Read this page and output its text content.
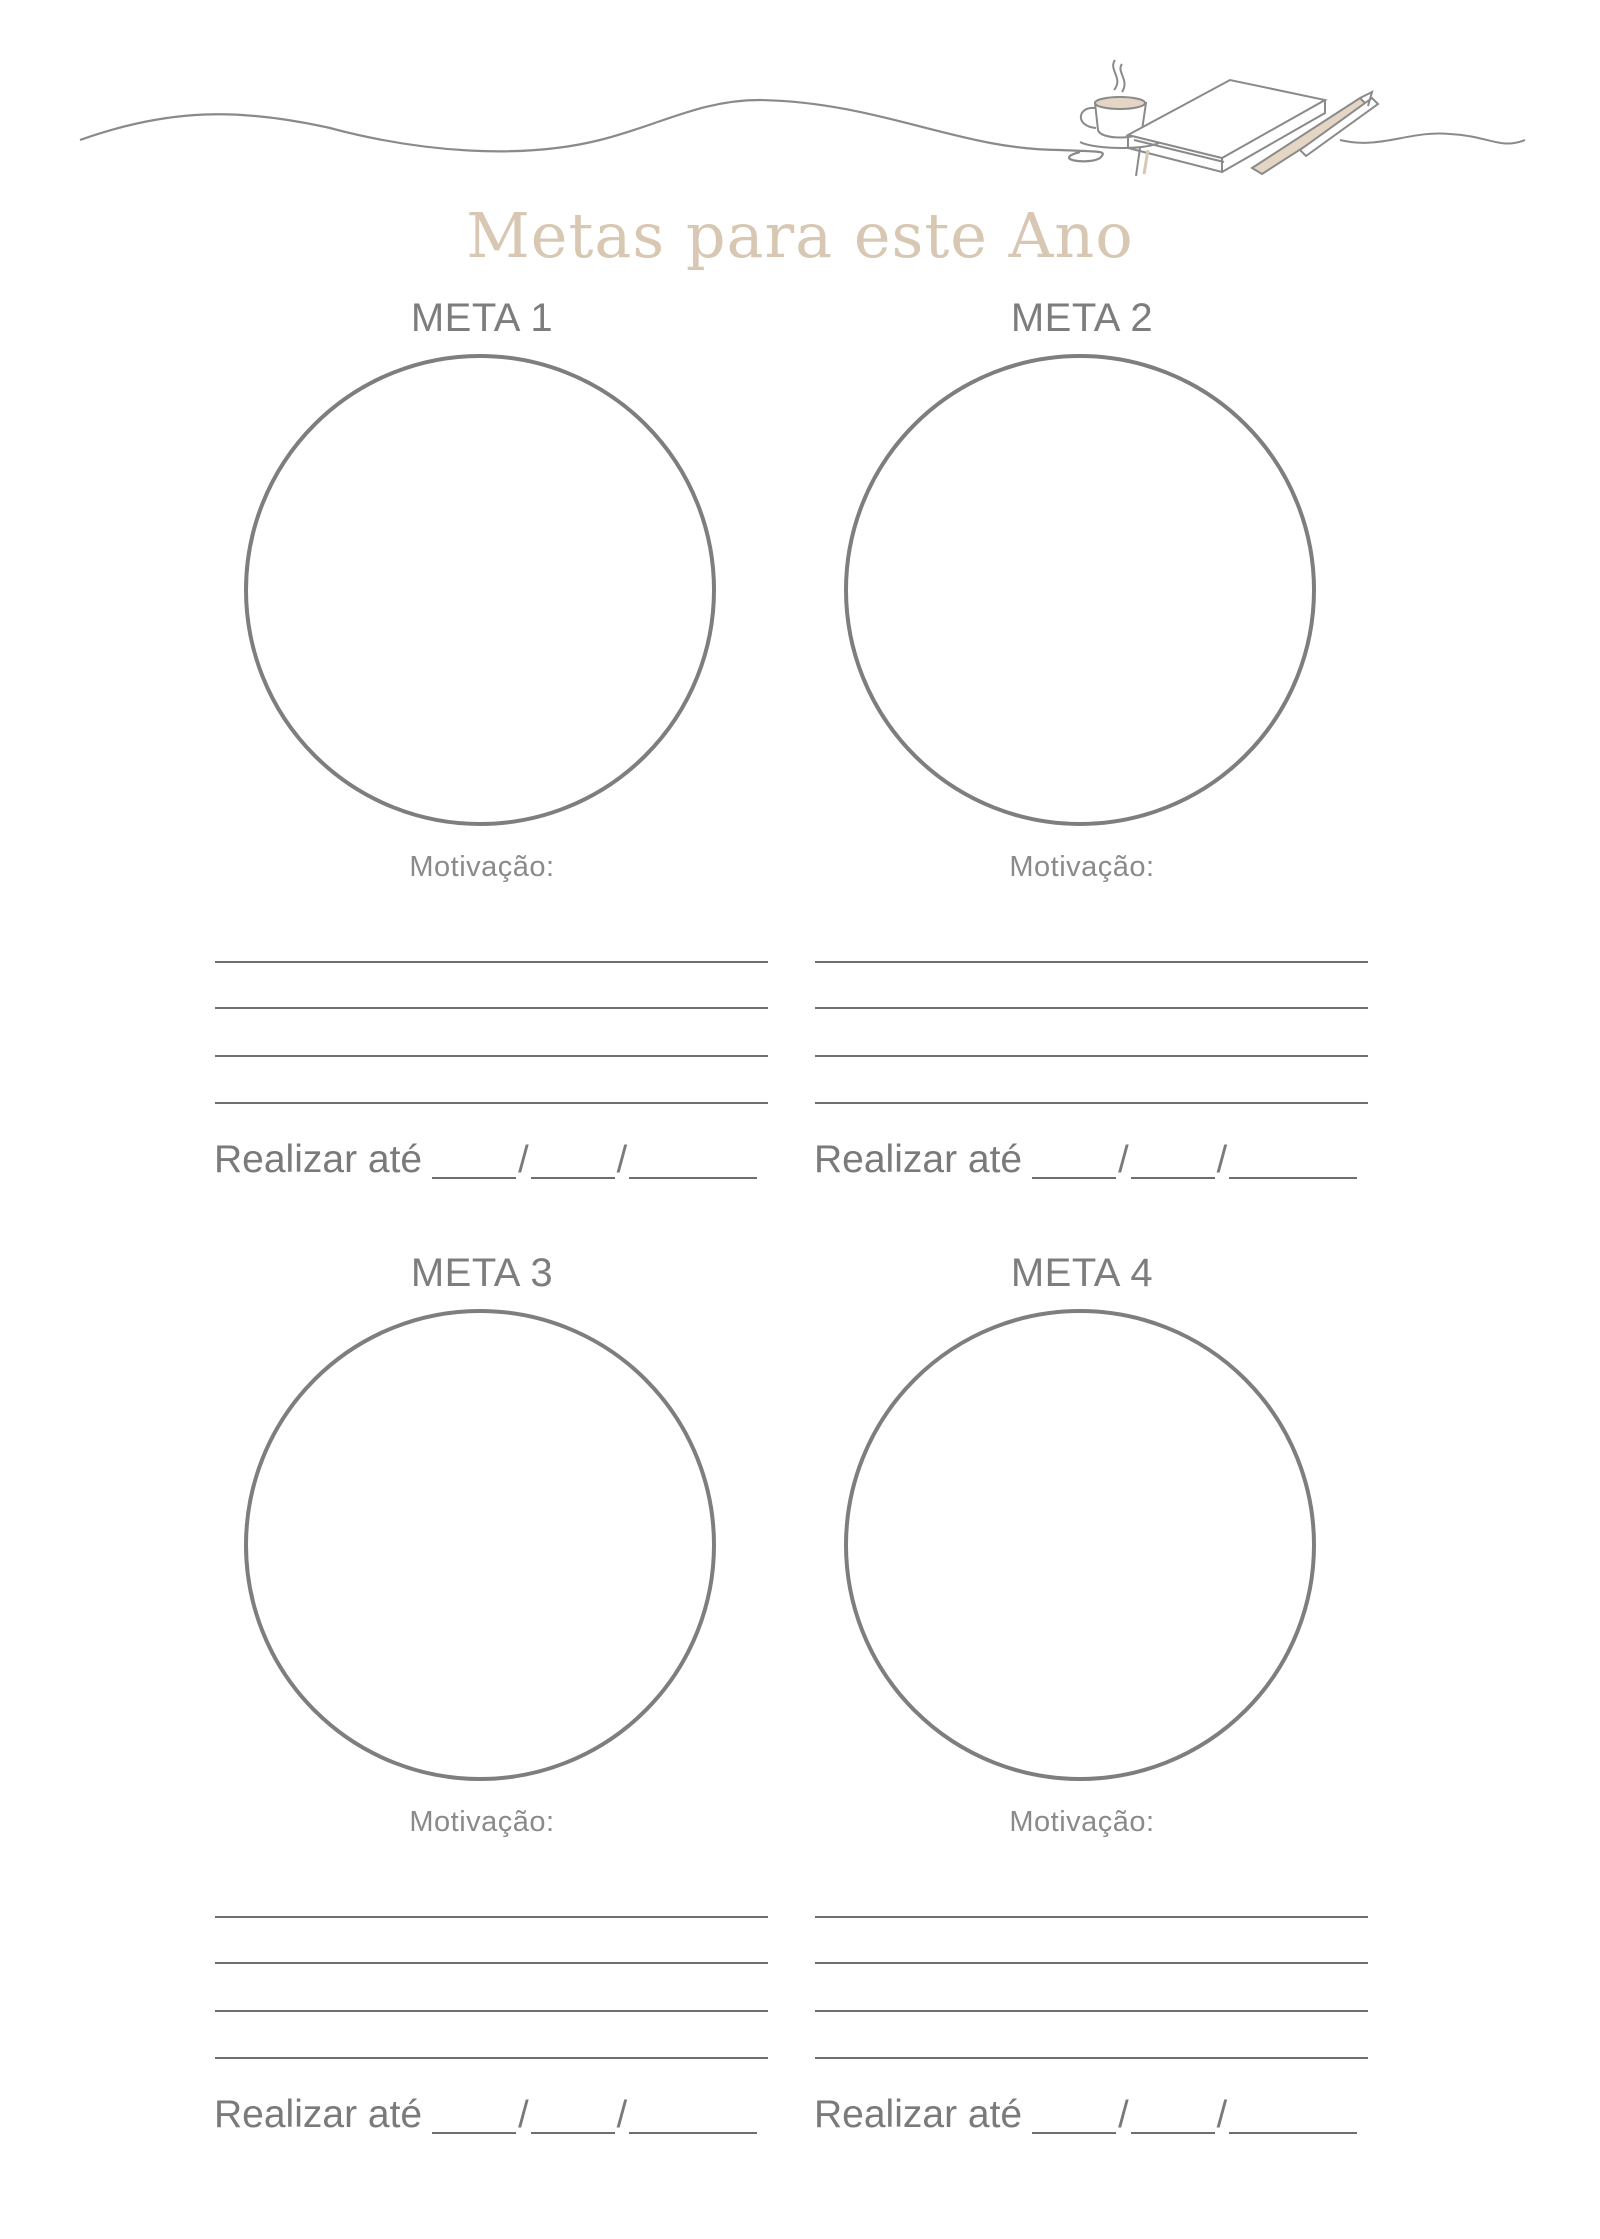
Metas para este Ano
META 1
Motivação:
Realizar até	/ /
META 2
Motivação:
Realizar até	/ /
META 3
Motivação:
Realizar até	/ /
META 4
Motivação:
Realizar até	/ /
